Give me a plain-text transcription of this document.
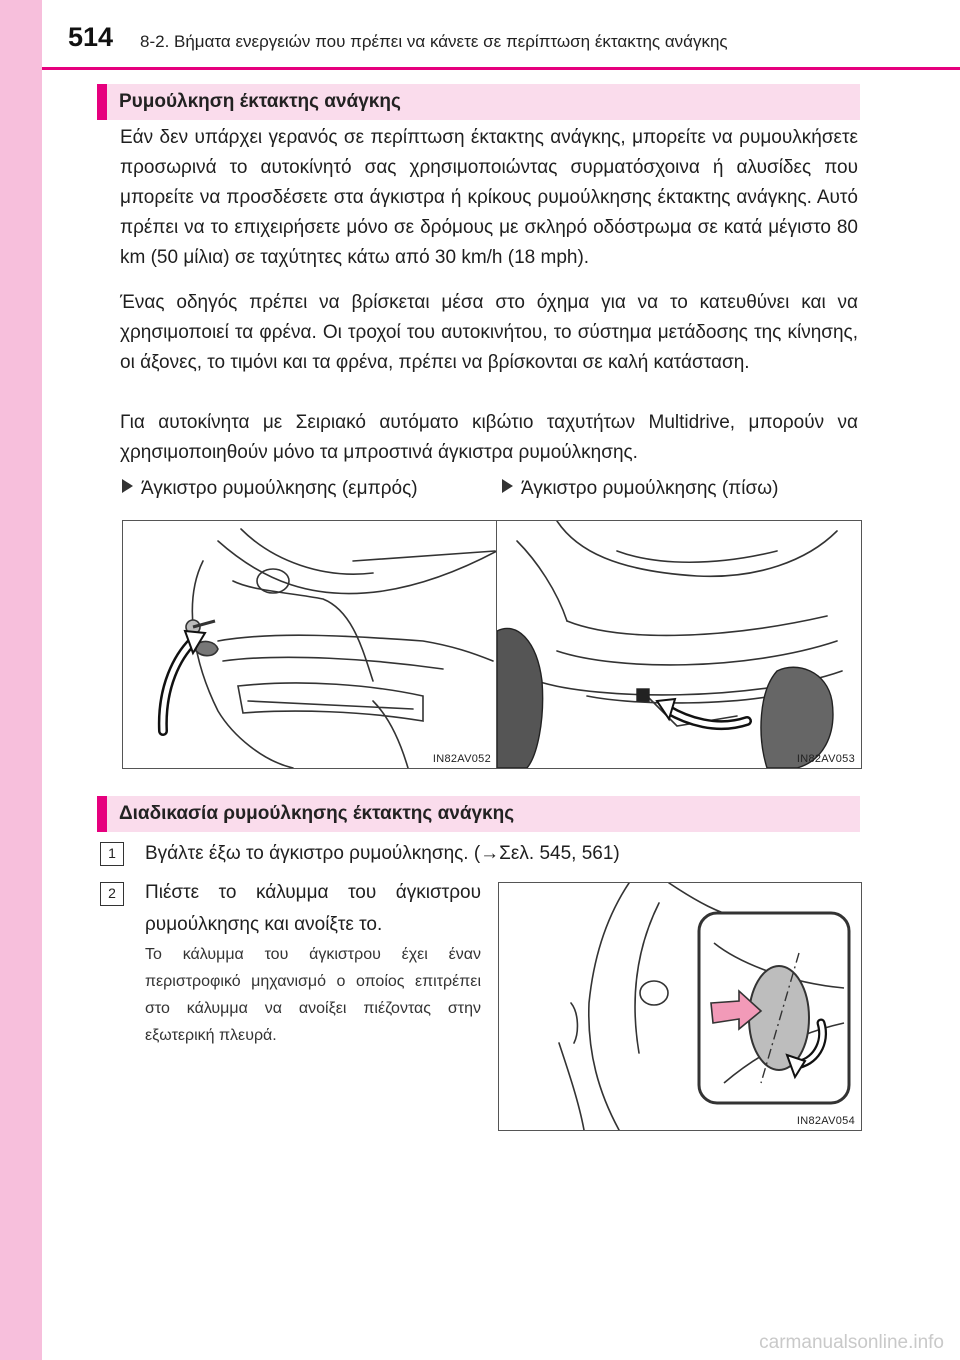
514 8-2. Βήματα ενεργειών που πρέπει να κάνετε σε περίπτωση έκτακτης ανάγκης
Ρυμούλκηση έκτακτης ανάγκης

Εάν δεν υπάρχει γερανός σε περίπτωση έκτακτης ανάγκης, μπορείτε να ρυμουλκήσετε προσωρινά το αυτοκίνητό σας χρησιμοποιώντας συρματόσχοινα ή αλυσίδες που μπορείτε να προσδέσετε στα άγκιστρα ή κρίκους ρυμούλκησης έκτακτης ανάγκης. Αυτό πρέπει να το επιχειρήσετε μόνο σε δρόμους με σκληρό οδόστρωμα σε κατά μέγιστο 80 km (50 μίλια) σε ταχύτητες κάτω από 30 km/h (18 mph).

Ένας οδηγός πρέπει να βρίσκεται μέσα στο όχημα για να το κατευθύνει και να χρησιμοποιεί τα φρένα. Οι τροχοί του αυτοκινήτου, το σύστημα μετάδοσης της κίνησης, οι άξονες, το τιμόνι και τα φρένα, πρέπει να βρίσκονται σε καλή κατάσταση.

Για αυτοκίνητα με Σειριακό αυτόματο κιβώτιο ταχυτήτων Multidrive, μπορούν να χρησιμοποιηθούν μόνο τα μπροστινά άγκιστρα ρυμούλκησης.

Άγκιστρο ρυμούλκησης (εμπρός)	Άγκιστρο ρυμούλκησης (πίσω)
IN82AV052	IN82AV053
Διαδικασία ρυμούλκησης έκτακτης ανάγκης
1	Βγάλτε έξω το άγκιστρο ρυμούλκησης. (→Σελ. 545, 561)

2	Πιέστε το κάλυμμα του άγκιστρου ρυμούλκησης και ανοίξτε το.

Το κάλυμμα του άγκιστρου έχει έναν περιστροφικό μηχανισμό ο οποίος επιτρέπει στο κάλυμμα να ανοίξει πιέζοντας στην εξωτερική πλευρά.

IN82AV054
carmanualsonline.info
